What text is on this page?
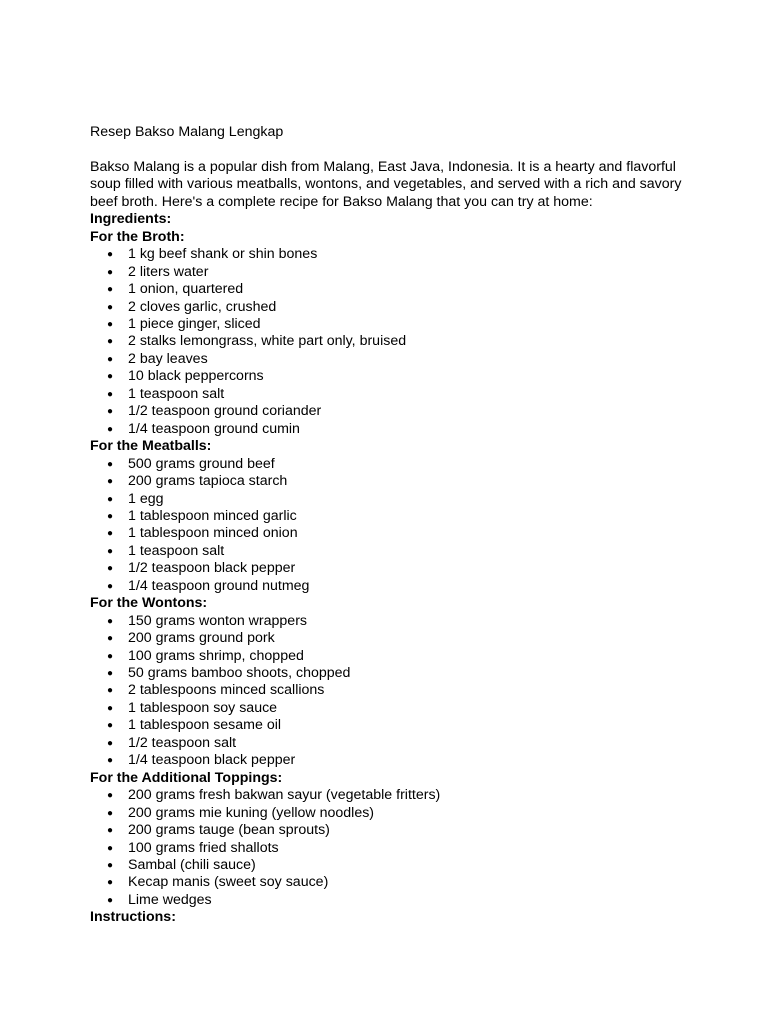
Resep Bakso Malang Lengkap

Bakso Malang is a popular dish from Malang, East Java, Indonesia. It is a hearty and flavorful soup filled with various meatballs, wontons, and vegetables, and served with a rich and savory beef broth. Here's a complete recipe for Bakso Malang that you can try at home:

Ingredients:

For the Broth:

● 1 kg beef shank or shin bones
● 2 liters water
● 1 onion, quartered
● 2 cloves garlic, crushed
● 1 piece ginger, sliced
● 2 stalks lemongrass, white part only, bruised
● 2 bay leaves
● 10 black peppercorns
● 1 teaspoon salt
● 1/2 teaspoon ground coriander
● 1/4 teaspoon ground cumin

For the Meatballs:

● 500 grams ground beef
● 200 grams tapioca starch
● 1 egg
● 1 tablespoon minced garlic
● 1 tablespoon minced onion
● 1 teaspoon salt
● 1/2 teaspoon black pepper
● 1/4 teaspoon ground nutmeg

For the Wontons:

● 150 grams wonton wrappers
● 200 grams ground pork
● 100 grams shrimp, chopped
● 50 grams bamboo shoots, chopped
● 2 tablespoons minced scallions
● 1 tablespoon soy sauce
● 1 tablespoon sesame oil
● 1/2 teaspoon salt
● 1/4 teaspoon black pepper

For the Additional Toppings:

● 200 grams fresh bakwan sayur (vegetable fritters)
● 200 grams mie kuning (yellow noodles)
● 200 grams tauge (bean sprouts)
● 100 grams fried shallots
● Sambal (chili sauce)
● Kecap manis (sweet soy sauce)
● Lime wedges

Instructions:
